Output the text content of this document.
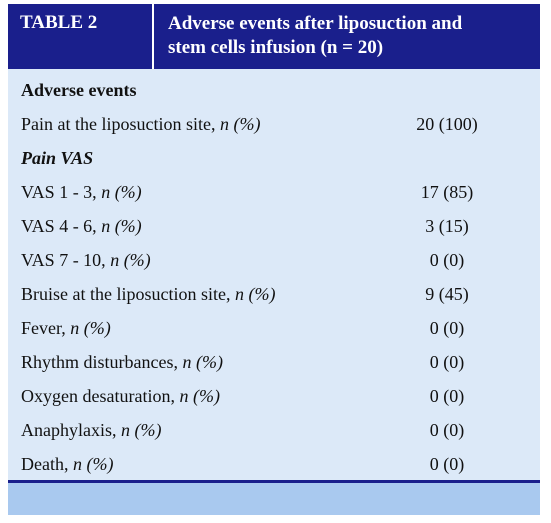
TABLE 2	Adverse events after liposuction and
stem cells infusion (n = 20)
Adverse events
Pain at the liposuction site, n (%)	20 (100)
Pain VAS
VAS 1 - 3, n (%)	17 (85)
VAS 4 - 6, n (%)	3 (15)
VAS 7 - 10, n (%)	0 (0)
Bruise at the liposuction site, n (%)	9 (45)
Fever, n (%)	0 (0)
Rhythm disturbances, n (%)	0 (0)
Oxygen desaturation, n (%)	0 (0)
Anaphylaxis, n (%)	0 (0)
Death, n (%)	0 (0)
